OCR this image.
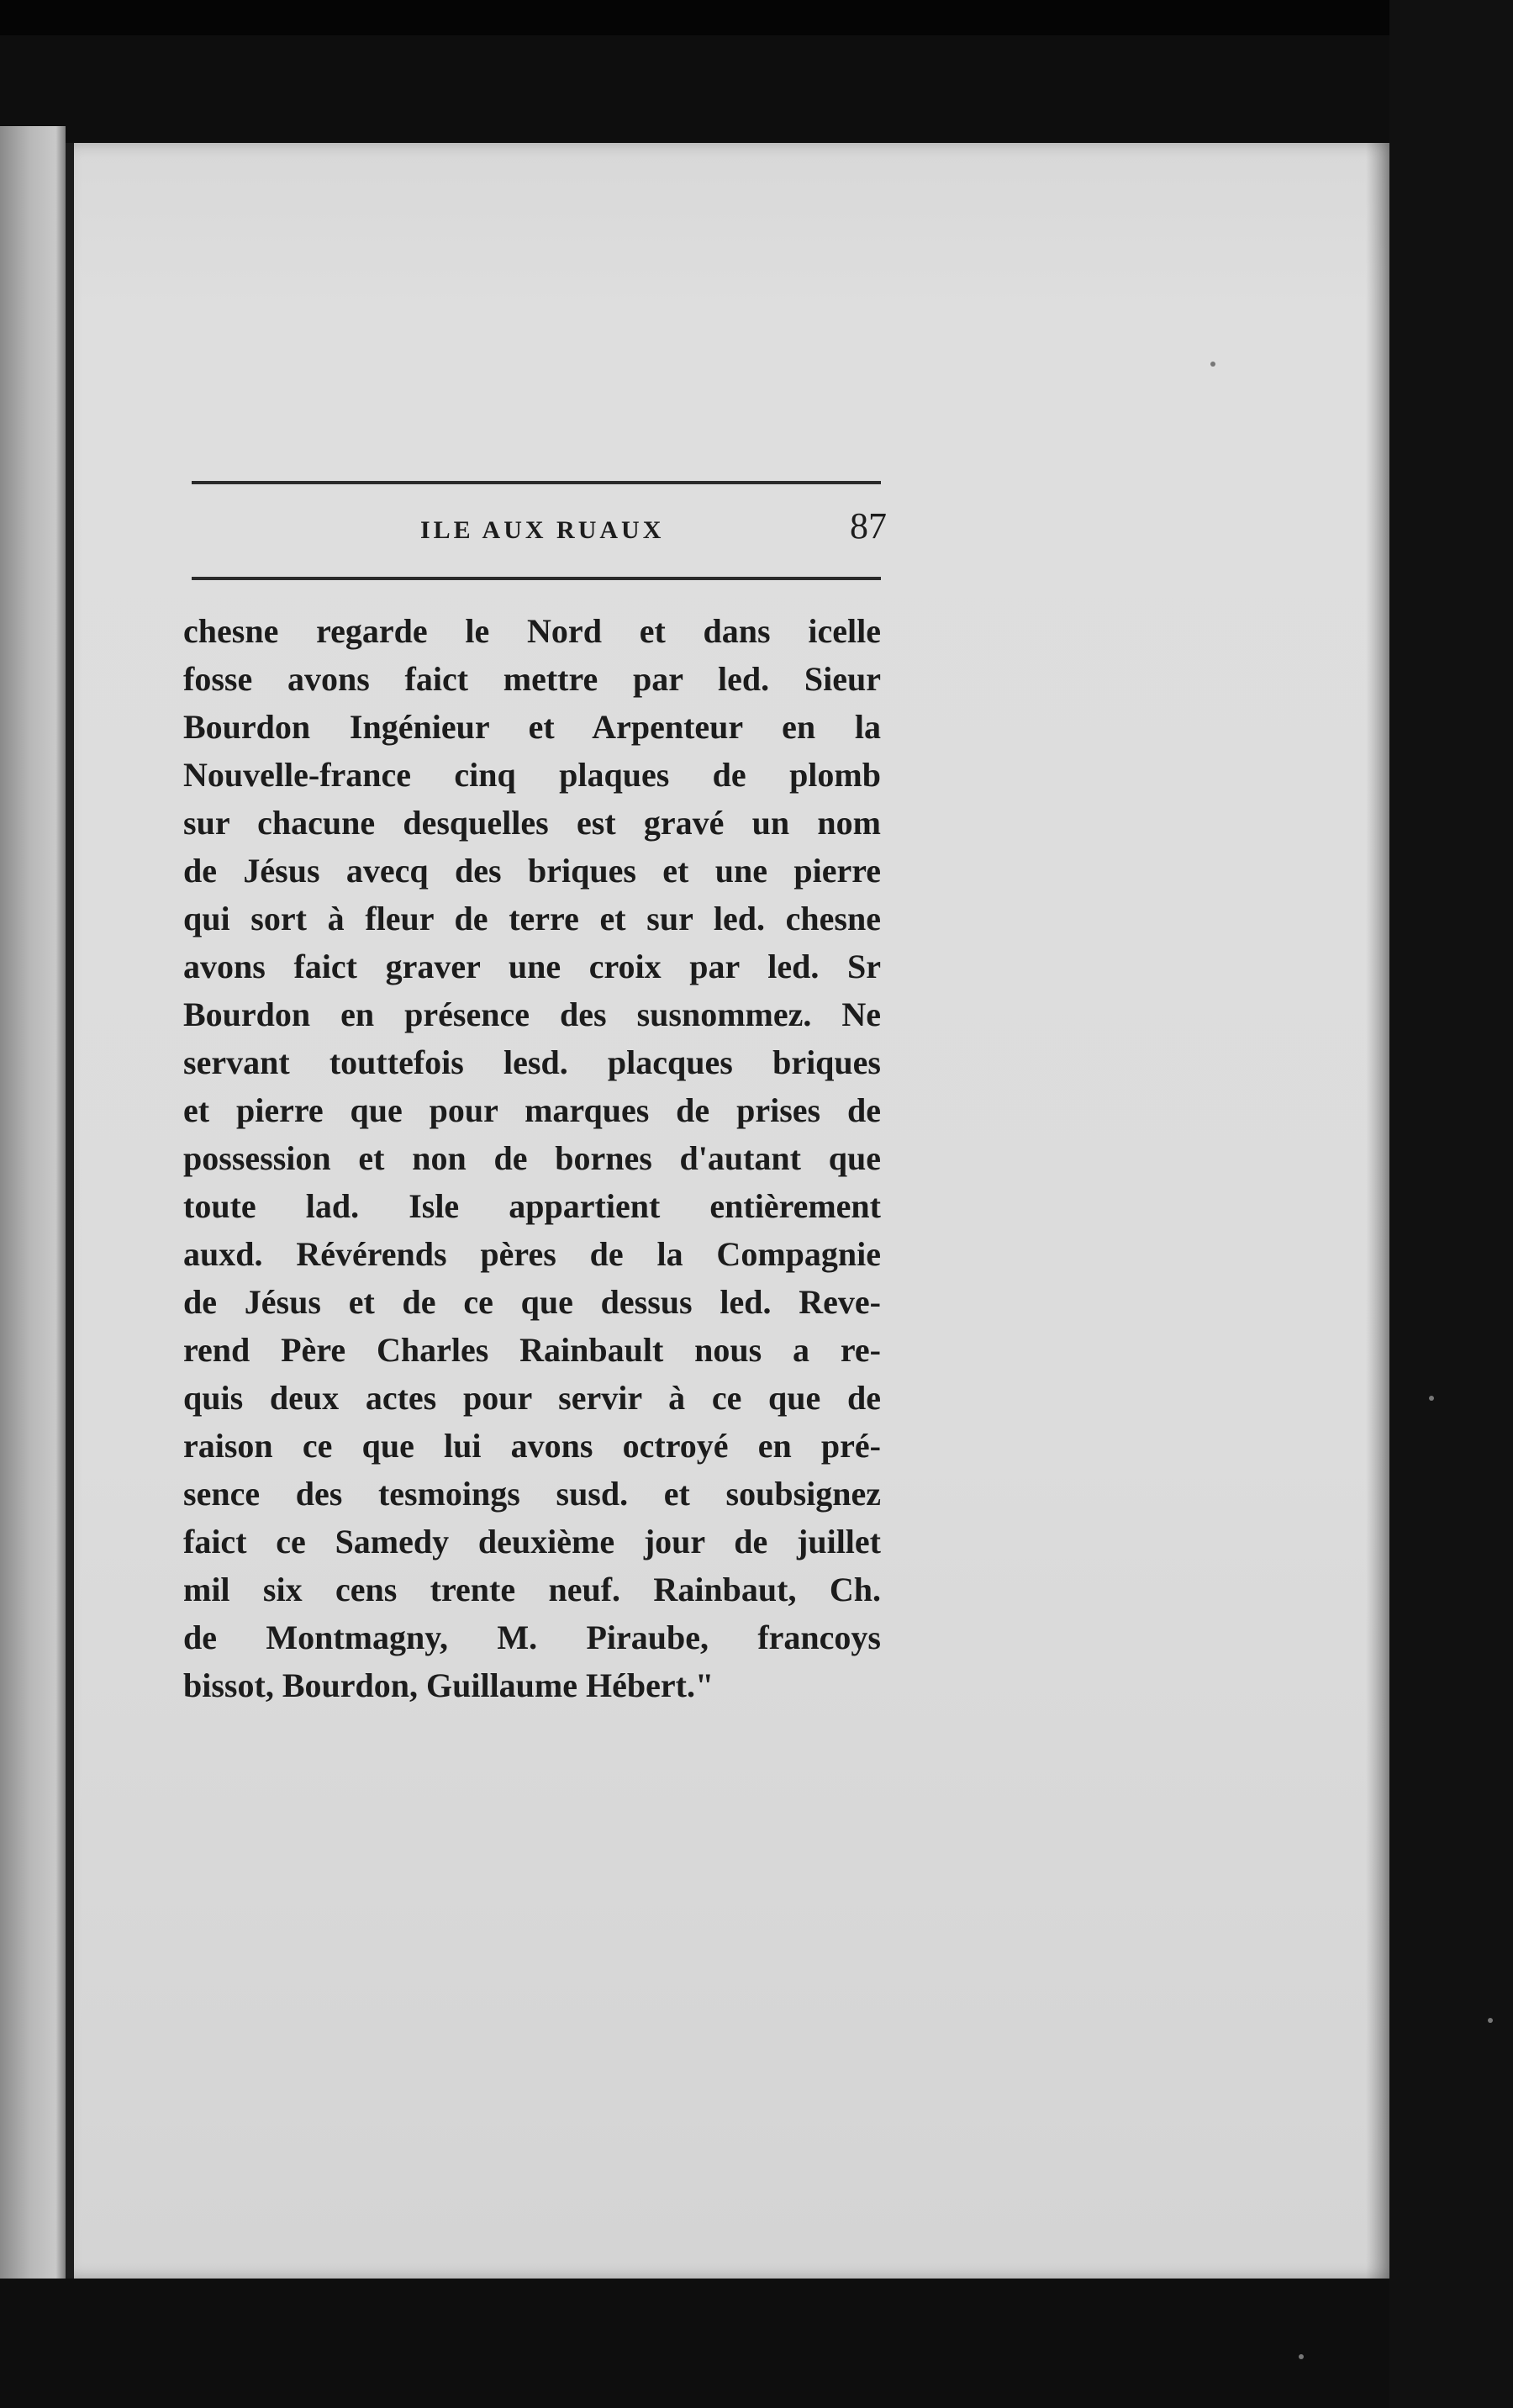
ILE AUX RUAUX	87
chesne regarde le Nord et dans icelle
fosse avons faict mettre par led. Sieur
Bourdon Ingénieur et Arpenteur en la
Nouvelle-france cinq plaques de plomb
sur chacune desquelles est gravé un nom
de Jésus avecq des briques et une pierre
qui sort à fleur de terre et sur led. chesne
avons faict graver une croix par led. Sr
Bourdon en présence des susnommez. Ne
servant touttefois lesd. placques briques
et pierre que pour marques de prises de
possession et non de bornes d'autant que
toute lad. Isle appartient entièrement
auxd. Révérends pères de la Compagnie
de Jésus et de ce que dessus led. Reve-
rend Père Charles Rainbault nous a re-
quis deux actes pour servir à ce que de
raison ce que lui avons octroyé en pré-
sence des tesmoings susd. et soubsignez
faict ce Samedy deuxième jour de juillet
mil six cens trente neuf. Rainbaut, Ch.
de Montmagny, M. Piraube, francoys
bissot, Bourdon, Guillaume Hébert."
